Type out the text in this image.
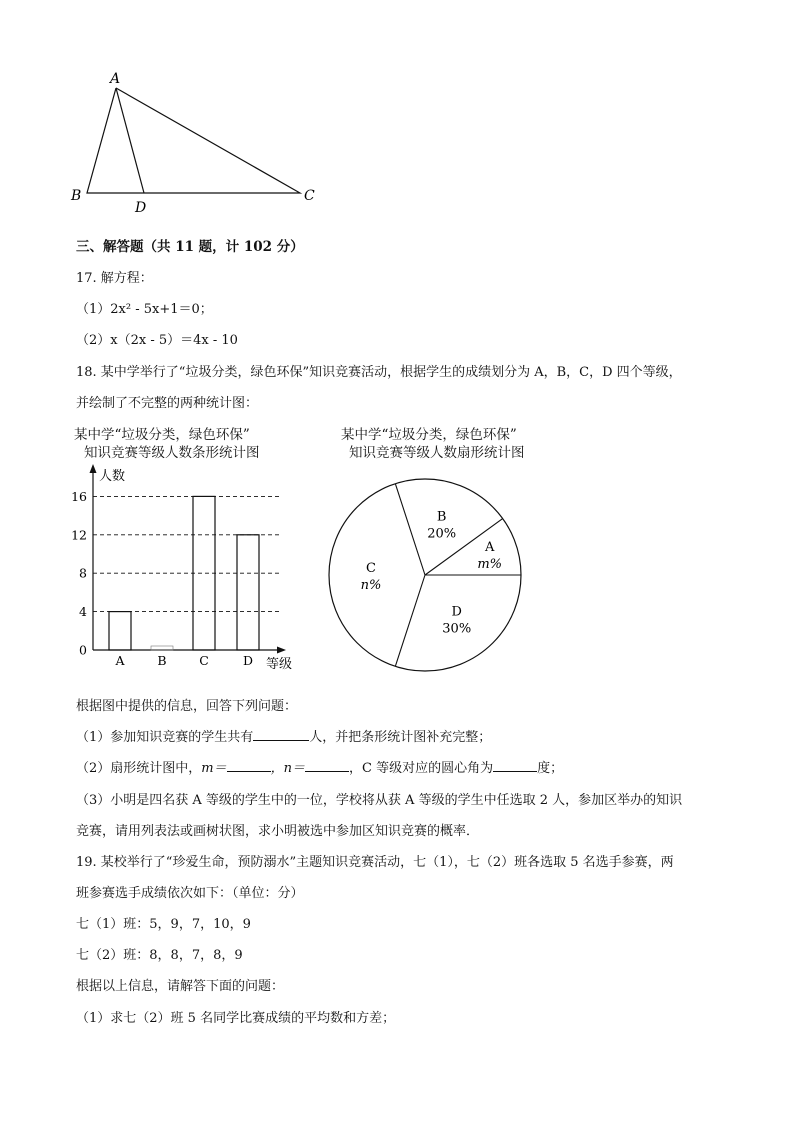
A
B
D
C
三、解答题（共 11 题，计 102 分）
17. 解方程：
（1）2x² - 5x+1＝0；
（2）x（2x - 5）＝4x - 10
18. 某中学举行了“垃圾分类，绿色环保”知识竞赛活动，根据学生的成绩划分为 A，B，C，D 四个等级，
并绘制了不完整的两种统计图：
某中学“垃圾分类，绿色环保”
知识竞赛等级人数条形统计图
人数
等级
0
4
8
12
16
A	B	C	D
某中学“垃圾分类，绿色环保”
知识竞赛等级人数扇形统计图
A
m%
B
20%
C
n%
D
30%
根据图中提供的信息，回答下列问题：
（1）参加知识竞赛的学生共有	人，并把条形统计图补充完整；
（2）扇形统计图中，m＝	，n＝	，C 等级对应的圆心角为	度；
（3）小明是四名获 A 等级的学生中的一位，学校将从获 A 等级的学生中任选取 2 人，参加区举办的知识
竞赛，请用列表法或画树状图，求小明被选中参加区知识竞赛的概率．
19. 某校举行了“珍爱生命，预防溺水”主题知识竞赛活动，七（1），七（2）班各选取 5 名选手参赛，两
班参赛选手成绩依次如下：（单位：分）
七（1）班：5，9，7，10，9
七（2）班：8，8，7，8，9
根据以上信息，请解答下面的问题：
（1）求七（2）班 5 名同学比赛成绩的平均数和方差；
